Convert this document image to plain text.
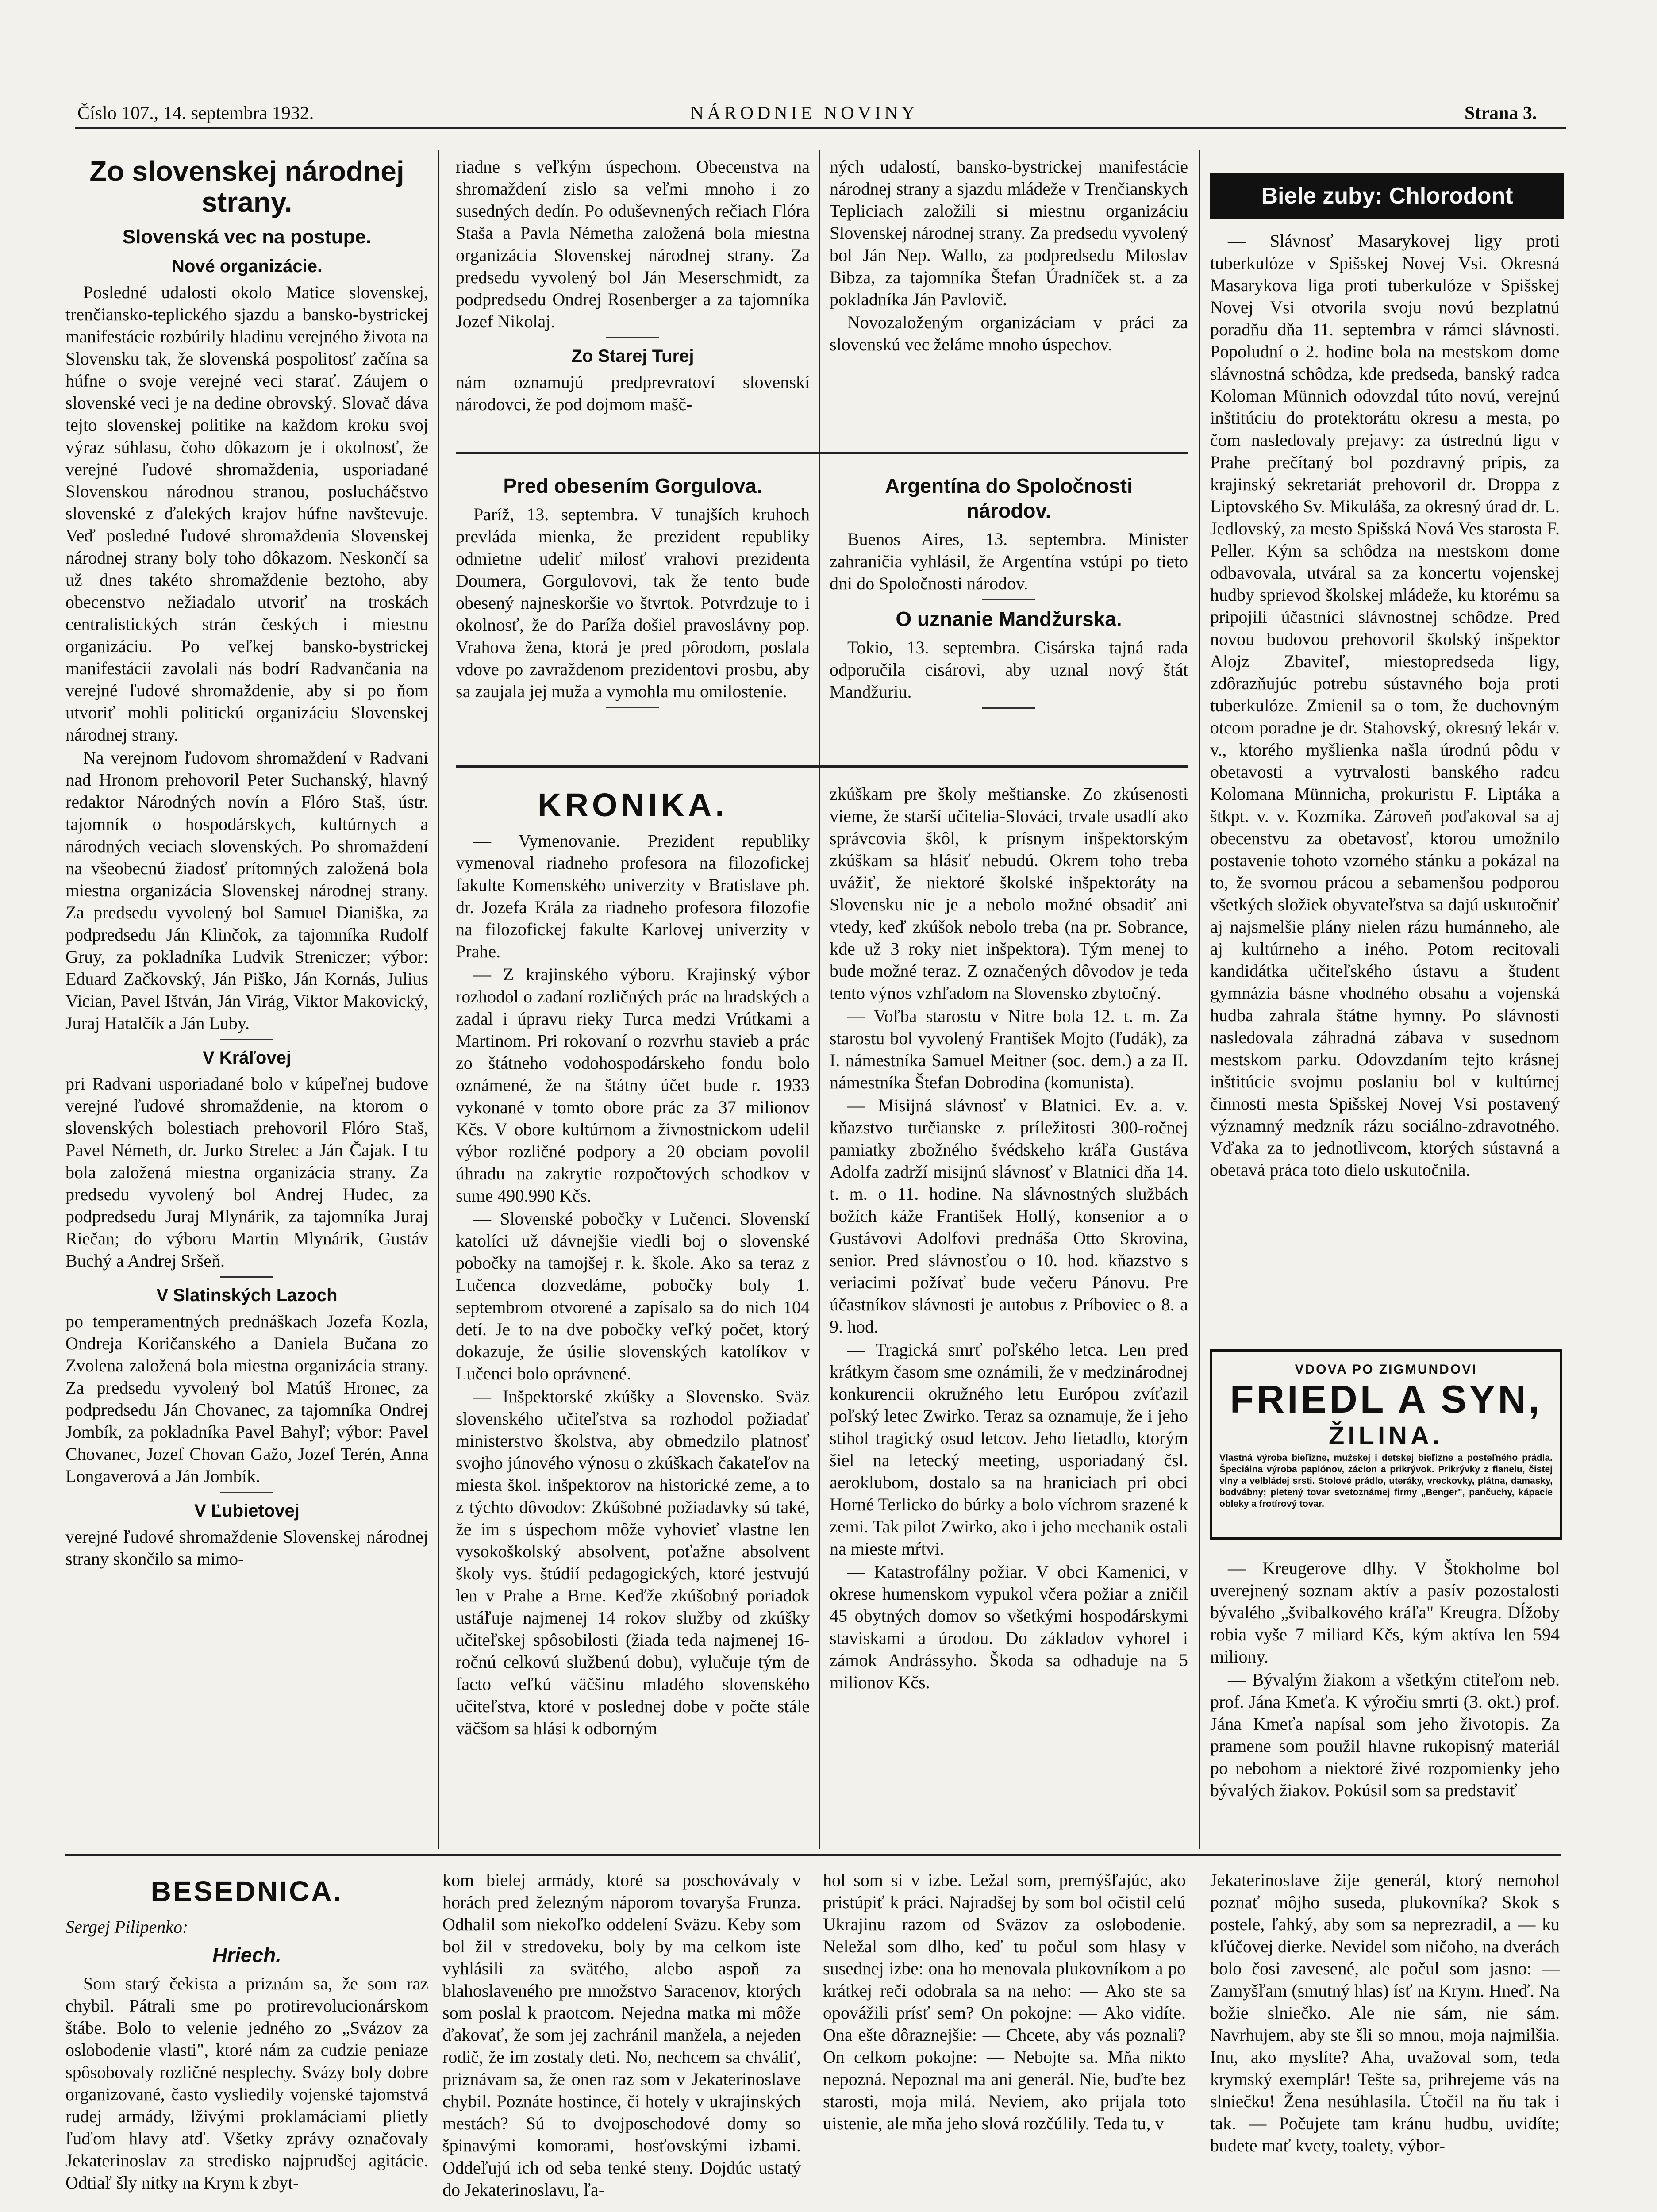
Číslo 107., 14. septembra 1932.	NÁRODNIE NOVINY	Strana 3.
Zo slovenskej národnej strany.
Slovenská vec na postupe.
Nové organizácie.

Posledné udalosti okolo Matice slovenskej, trenčiansko-teplického sjazdu a bansko-bystrickej manifestácie rozbúrily hladinu verejného života na Slovensku tak, že slovenská pospolitosť začína sa húfne o svoje verejné veci starať. Záujem o slovenské veci je na dedine obrovský. Slovač dáva tejto slovenskej politike na každom kroku svoj výraz súhlasu, čoho dôkazom je i okolnosť, že verejné ľudové shromaždenia, usporiadané Slovenskou národnou stranou, poslucháčstvo slovenské z ďalekých krajov húfne navštevuje. Veď posledné ľudové shromaždenia Slovenskej národnej strany boly toho dôkazom. Neskončí sa už dnes takéto shromaždenie beztoho, aby obecenstvo nežiadalo utvoriť na troskách centralistických strán českých i miestnu organizáciu. Po veľkej bansko-bystrickej manifestácii zavolali nás bodrí Radvančania na verejné ľudové shromaždenie, aby si po ňom utvoriť mohli politickú organizáciu Slovenskej národnej strany.

Na verejnom ľudovom shromaždení v Radvani nad Hronom prehovoril Peter Suchanský, hlavný redaktor Národných novín a Flóro Staš, ústr. tajomník o hospodárskych, kultúrnych a národných veciach slovenských. Po shromaždení na všeobecnú žiadosť prítomných založená bola miestna organizácia Slovenskej národnej strany. Za predsedu vyvolený bol Samuel Dianiška, za podpredsedu Ján Klinčok, za tajomníka Rudolf Gruy, za pokladníka Ludvik Streniczer; výbor: Eduard Začkovský, Ján Piško, Ján Kornás, Julius Vician, Pavel Ištván, Ján Virág, Viktor Makovický, Juraj Hatalčík a Ján Luby.

V Kráľovej

pri Radvani usporiadané bolo v kúpeľnej budove verejné ľudové shromaždenie, na ktorom o slovenských bolestiach prehovoril Flóro Staš, Pavel Németh, dr. Jurko Strelec a Ján Čajak. I tu bola založená miestna organizácia strany. Za predsedu vyvolený bol Andrej Hudec, za podpredsedu Juraj Mlynárik, za tajomníka Juraj Riečan; do výboru Martin Mlynárik, Gustáv Buchý a Andrej Sršeň.

V Slatinských Lazoch

po temperamentných prednáškach Jozefa Kozla, Ondreja Koričanského a Daniela Bučana zo Zvolena založená bola miestna organizácia strany. Za predsedu vyvolený bol Matúš Hronec, za podpredsedu Ján Chovanec, za tajomníka Ondrej Jombík, za pokladníka Pavel Bahyľ; výbor: Pavel Chovanec, Jozef Chovan Gažo, Jozef Terén, Anna Longaverová a Ján Jombík.

V Ľubietovej

verejné ľudové shromaždenie Slovenskej národnej strany skončilo sa mimo-

riadne s veľkým úspechom. Obecenstva na shromaždení zislo sa veľmi mnoho i zo susedných dedín. Po oduševnených rečiach Flóra Staša a Pavla Németha založená bola miestna organizácia Slovenskej národnej strany. Za predsedu vyvolený bol Ján Meserschmidt, za podpredsedu Ondrej Rosenberger a za tajomníka Jozef Nikolaj.

Zo Starej Turej

nám oznamujú predprevratoví slovenskí národovci, že pod dojmom mašč-

ných udalostí, bansko-bystrickej manifestácie národnej strany a sjazdu mládeže v Trenčianskych Tepliciach založili si miestnu organizáciu Slovenskej národnej strany. Za predsedu vyvolený bol Ján Nep. Wallo, za podpredsedu Miloslav Bibza, za tajomníka Štefan Úradníček st. a za pokladníka Ján Pavlovič.

Novozaloženým organizáciam v práci za slovenskú vec želáme mnoho úspechov.

Pred obesením Gorgulova.

Paríž, 13. septembra. V tunajších kruhoch prevláda mienka, že prezident republiky odmietne udeliť milosť vrahovi prezidenta Doumera, Gorgulovovi, tak že tento bude obesený najneskoršie vo štvrtok. Potvrdzuje to i okolnosť, že do Paríža došiel pravoslávny pop. Vrahova žena, ktorá je pred pôrodom, poslala vdove po zavraždenom prezidentovi prosbu, aby sa zaujala jej muža a vymohla mu omilostenie.

Argentína do Spoločnosti národov.

Buenos Aires, 13. septembra. Minister zahraničia vyhlásil, že Argentína vstúpi po tieto dni do Spoločnosti národov.

O uznanie Mandžurska.

Tokio, 13. septembra. Cisárska tajná rada odporučila cisárovi, aby uznal nový štát Mandžuriu.

KRONIKA.

— Vymenovanie. Prezident republiky vymenoval riadneho profesora na filozofickej fakulte Komenského univerzity v Bratislave ph. dr. Jozefa Krála za riadneho profesora filozofie na filozofickej fakulte Karlovej univerzity v Prahe.

— Z krajinského výboru. Krajinský výbor rozhodol o zadaní rozličných prác na hradských a zadal i úpravu rieky Turca medzi Vrútkami a Martinom. Pri rokovaní o rozvrhu stavieb a prác zo štátneho vodohospodárskeho fondu bolo oznámené, že na štátny účet bude r. 1933 vykonané v tomto obore prác za 37 milionov Kčs. V obore kultúrnom a živnostnickom udelil výbor rozličné podpory a 20 obciam povolil úhradu na zakrytie rozpočtových schodkov v sume 490.990 Kčs.

— Slovenské pobočky v Lučenci. Slovenskí katolíci už dávnejšie viedli boj o slovenské pobočky na tamojšej r. k. škole. Ako sa teraz z Lučenca dozvedáme, pobočky boly 1. septembrom otvorené a zapísalo sa do nich 104 detí. Je to na dve pobočky veľký počet, ktorý dokazuje, že úsilie slovenských katolíkov v Lučenci bolo oprávnené.

— Inšpektorské zkúšky a Slovensko. Sväz slovenského učiteľstva sa rozhodol požiadať ministerstvo školstva, aby obmedzilo platnosť svojho júnového výnosu o zkúškach čakateľov na miesta škol. inšpektorov na historické zeme, a to z týchto dôvodov: Zkúšobné požiadavky sú také, že im s úspechom môže vyhovieť vlastne len vysokoškolský absolvent, poťažne absolvent školy vys. štúdií pedagogických, ktoré jestvujú len v Prahe a Brne. Keďže zkúšobný poriadok ustáľuje najmenej 14 rokov služby od zkúšky učiteľskej spôsobilosti (žiada teda najmenej 16-ročnú celkovú službenú dobu), vylučuje tým de facto veľkú väčšinu mladého slovenského učiteľstva, ktoré v poslednej dobe v počte stále väčšom sa hlási k odborným

zkúškam pre školy meštianske. Zo zkúsenosti vieme, že starší učitelia-Slováci, trvale usadlí ako správcovia škôl, k prísnym inšpektorským zkúškam sa hlásiť nebudú. Okrem toho treba uvážiť, že niektoré školské inšpektoráty na Slovensku nie je a nebolo možné obsadiť ani vtedy, keď zkúšok nebolo treba (na pr. Sobrance, kde už 3 roky niet inšpektora). Tým menej to bude možné teraz. Z označených dôvodov je teda tento výnos vzhľadom na Slovensko zbytočný.

— Voľba starostu v Nitre bola 12. t. m. Za starostu bol vyvolený František Mojto (ľudák), za I. námestníka Samuel Meitner (soc. dem.) a za II. námestníka Štefan Dobrodina (komunista).

— Misijná slávnosť v Blatnici. Ev. a. v. kňazstvo turčianske z príležitosti 300-ročnej pamiatky zbožného švédskeho kráľa Gustáva Adolfa zadrží misijnú slávnosť v Blatnici dňa 14. t. m. o 11. hodine. Na slávnostných službách božích káže František Hollý, konsenior a o Gustávovi Adolfovi prednáša Otto Skrovina, senior. Pred slávnosťou o 10. hod. kňazstvo s veriacimi požívať bude večeru Pánovu. Pre účastníkov slávnosti je autobus z Príboviec o 8. a 9. hod.

— Tragická smrť poľského letca. Len pred krátkym časom sme oznámili, že v medzinárodnej konkurencii okružného letu Európou zvíťazil poľský letec Zwirko. Teraz sa oznamuje, že i jeho stihol tragický osud letcov. Jeho lietadlo, ktorým šiel na letecký meeting, usporiadaný čsl. aeroklubom, dostalo sa na hraniciach pri obci Horné Terlicko do búrky a bolo víchrom srazené k zemi. Tak pilot Zwirko, ako i jeho mechanik ostali na mieste mŕtvi.

— Katastrofálny požiar. V obci Kamenici, v okrese humenskom vypukol včera požiar a zničil 45 obytných domov so všetkými hospodárskymi staviskami a úrodou. Do základov vyhorel i zámok Andrássyho. Škoda sa odhaduje na 5 milionov Kčs.

Biele zuby: Chlorodont

— Slávnosť Masarykovej ligy proti tuberkulóze v Spišskej Novej Vsi. Okresná Masarykova liga proti tuberkulóze v Spišskej Novej Vsi otvorila svoju novú bezplatnú poradňu dňa 11. septembra v rámci slávnosti. Popoludní o 2. hodine bola na mestskom dome slávnostná schôdza, kde predseda, banský radca Koloman Münnich odovzdal túto novú, verejnú inštitúciu do protektorátu okresu a mesta, po čom nasledovaly prejavy: za ústrednú ligu v Prahe prečítaný bol pozdravný prípis, za krajinský sekretariát prehovoril dr. Droppa z Liptovského Sv. Mikuláša, za okresný úrad dr. L. Jedlovský, za mesto Spišská Nová Ves starosta F. Peller. Kým sa schôdza na mestskom dome odbavovala, utváral sa za koncertu vojenskej hudby sprievod školskej mládeže, ku ktorému sa pripojili účastníci slávnostnej schôdze. Pred novou budovou prehovoril školský inšpektor Alojz Zbaviteľ, miestopredseda ligy, zdôrazňujúc potrebu sústavného boja proti tuberkulóze. Zmienil sa o tom, že duchovným otcom poradne je dr. Stahovský, okresný lekár v. v., ktorého myšlienka našla úrodnú pôdu v obetavosti a vytrvalosti banského radcu Kolomana Münnicha, prokuristu F. Liptáka a štkpt. v. v. Kozmíka. Zároveň poďakoval sa aj obecenstvu za obetavosť, ktorou umožnilo postavenie tohoto vzorného stánku a pokázal na to, že svornou prácou a sebamenšou podporou všetkých složiek obyvateľstva sa dajú uskutočniť aj najsmelšie plány nielen rázu humánneho, ale aj kultúrneho a iného. Potom recitovali kandidátka učiteľského ústavu a študent gymnázia básne vhodného obsahu a vojenská hudba zahrala štátne hymny. Po slávnosti nasledovala záhradná zábava v susednom mestskom parku. Odovzdaním tejto krásnej inštitúcie svojmu poslaniu bol v kultúrnej činnosti mesta Spišskej Novej Vsi postavený významný medzník rázu sociálno-zdravotného. Vďaka za to jednotlivcom, ktorých sústavná a obetavá práca toto dielo uskutočnila.

VDOVA PO ZIGMUNDOVI
FRIEDL A SYN,
ŽILINA.
Vlastná výroba bieľizne, mužskej i detskej bieľizne a posteľného prádla. Špeciálna výroba paplónov, záclon a prikrývok. Prikrývky z flanelu, čistej vlny a velbládej srsti. Stolové prádlo, uteráky, vreckovky, plátna, damasky, bodvábny; pletený tovar svetoznámej firmy „Benger", pančuchy, kápacie obleky a frotírový tovar.

— Kreugerove dlhy. V Štokholme bol uverejnený soznam aktív a pasív pozostalosti bývalého „švibalkového kráľa" Kreugra. Dĺžoby robia vyše 7 miliard Kčs, kým aktíva len 594 miliony.

— Bývalým žiakom a všetkým ctiteľom neb. prof. Jána Kmeťa. K výročiu smrti (3. okt.) prof. Jána Kmeťa napísal som jeho životopis. Za pramene som použil hlavne rukopisný materiál po nebohom a niektoré živé rozpomienky jeho bývalých žiakov. Pokúsil som sa predstaviť

BESEDNICA.
Sergej Pilipenko:
Hriech.

Som starý čekista a priznám sa, že som raz chybil. Pátrali sme po protirevolucionárskom štábe. Bolo to velenie jedného zo „Svázov za oslobodenie vlasti", ktoré nám za cudzie peniaze spôsobovaly rozličné nesplechy. Svázy boly dobre organizované, často vysliedily vojenské tajomstvá rudej armády, lživými proklamáciami plietly ľuďom hlavy atď. Všetky zprávy označovaly Jekaterinoslav za stredisko najprudšej agitácie. Odtiaľ šly nitky na Krym k zbyt-

kom bielej armády, ktoré sa poschovávaly v horách pred železným náporom tovaryša Frunza. Odhalil som niekoľko oddelení Sväzu. Keby som bol žil v stredoveku, boly by ma celkom iste vyhlásili za svätého, alebo aspoň za blahoslaveného pre množstvo Saracenov, ktorých som poslal k praotcom. Nejedna matka mi môže ďakovať, že som jej zachránil manžela, a nejeden rodič, že im zostaly deti. No, nechcem sa chváliť, priznávam sa, že onen raz som v Jekaterinoslave chybil. Poznáte hostince, či hotely v ukrajinských mestách? Sú to dvojposchodové domy so špinavými komorami, hosťovskými izbami. Oddeľujú ich od seba tenké steny. Dojdúc ustatý do Jekaterinoslavu, ľa-

hol som si v izbe. Ležal som, premýšľajúc, ako pristúpiť k práci. Najradšej by som bol očistil celú Ukrajinu razom od Sväzov za oslobodenie. Neležal som dlho, keď tu počul som hlasy v susednej izbe: ona ho menovala plukovníkom a po krátkej reči odobrala sa na neho: — Ako ste sa opovážili prísť sem? On pokojne: — Ako vidíte. Ona ešte dôraznejšie: — Chcete, aby vás poznali? On celkom pokojne: — Nebojte sa. Mňa nikto nepozná. Nepoznal ma ani generál. Nie, buďte bez starosti, moja milá. Neviem, ako prijala toto uistenie, ale mňa jeho slová rozčúlily. Teda tu, v

Jekaterinoslave žije generál, ktorý nemohol poznať môjho suseda, plukovníka? Skok s postele, ľahký, aby som sa neprezradil, a — ku kľúčovej dierke. Nevidel som ničoho, na dverách bolo čosi zavesené, ale počul som jasno: — Zamyšľam (smutný hlas) ísť na Krym. Hneď. Na božie slniečko. Ale nie sám, nie sám. Navrhujem, aby ste šli so mnou, moja najmilšia. Inu, ako myslíte? Aha, uvažoval som, teda krymský exemplár! Tešte sa, prihrejeme vás na slniečku! Žena nesúhlasila. Útočil na ňu tak i tak. — Počujete tam kránu hudbu, uvidíte; budete mať kvety, toalety, výbor-
